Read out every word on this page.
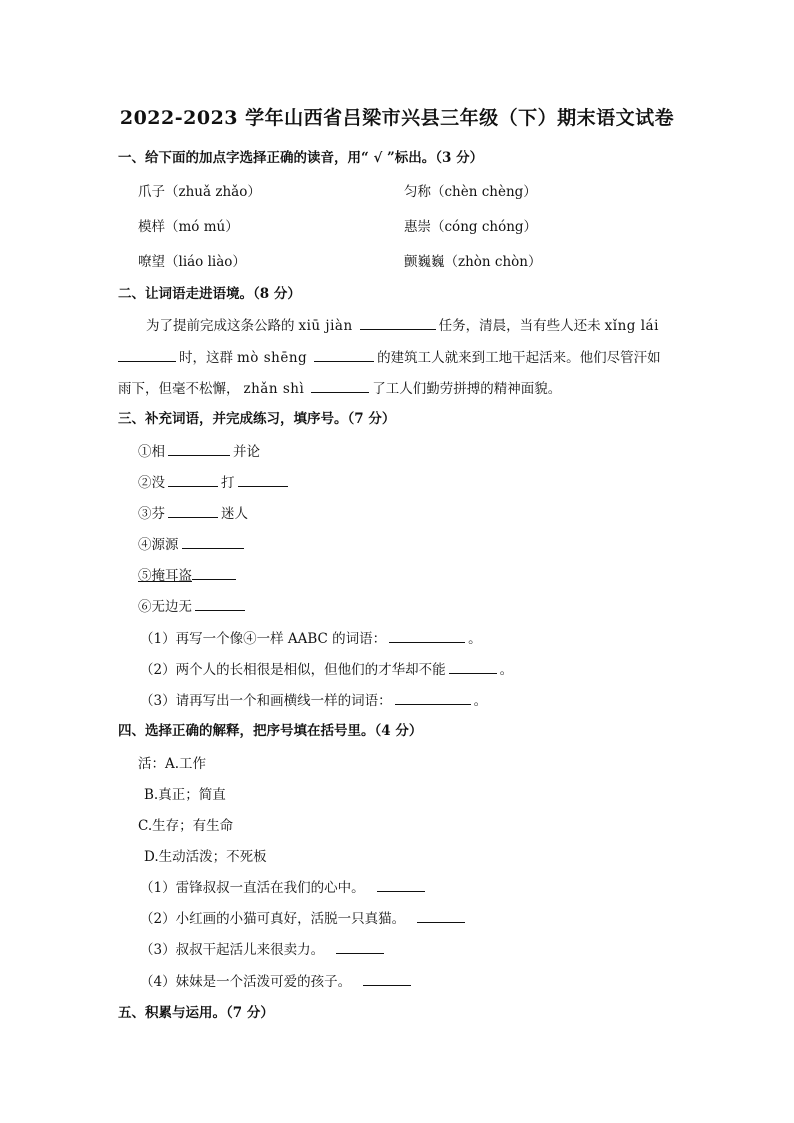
2022-2023 学年山西省吕梁市兴县三年级（下）期末语文试卷
一、给下面的加点字选择正确的读音，用“ √ ”标出。（3 分）
爪子（zhuǎ zhǎo）	匀称（chèn chèng）
模样（mó mú）	惠崇（cóng chóng）
嘹望（liáo liào）	颤巍巍（zhòn chòn）
二、让词语走进语境。（8 分）
为了提前完成这条公路的 xiū jiàn	任务，清晨，当有些人还未 xǐng lái
时，这群 mò shēng	的建筑工人就来到工地干起活来。他们尽管汗如
雨下，但毫不松懈， zhǎn shì	了工人们勤劳拼搏的精神面貌。
三、补充词语，并完成练习，填序号。（7 分）
①相	并论
②没	打
③芬	迷人
④源源
⑤掩耳盗
⑥无边无
（1）再写一个像④一样 AABC 的词语：	。
（2）两个人的长相很是相似，但他们的才华却不能	。
（3）请再写出一个和画横线一样的词语：	。
四、选择正确的解释，把序号填在括号里。（4 分）
活：A.工作
B.真正；简直
C.生存；有生命
D.生动活泼；不死板
（1）雷锋叔叔一直活在我们的心中。
（2）小红画的小猫可真好，活脱一只真猫。
（3）叔叔干起活儿来很卖力。
（4）妹妹是一个活泼可爱的孩子。
五、积累与运用。（7 分）
